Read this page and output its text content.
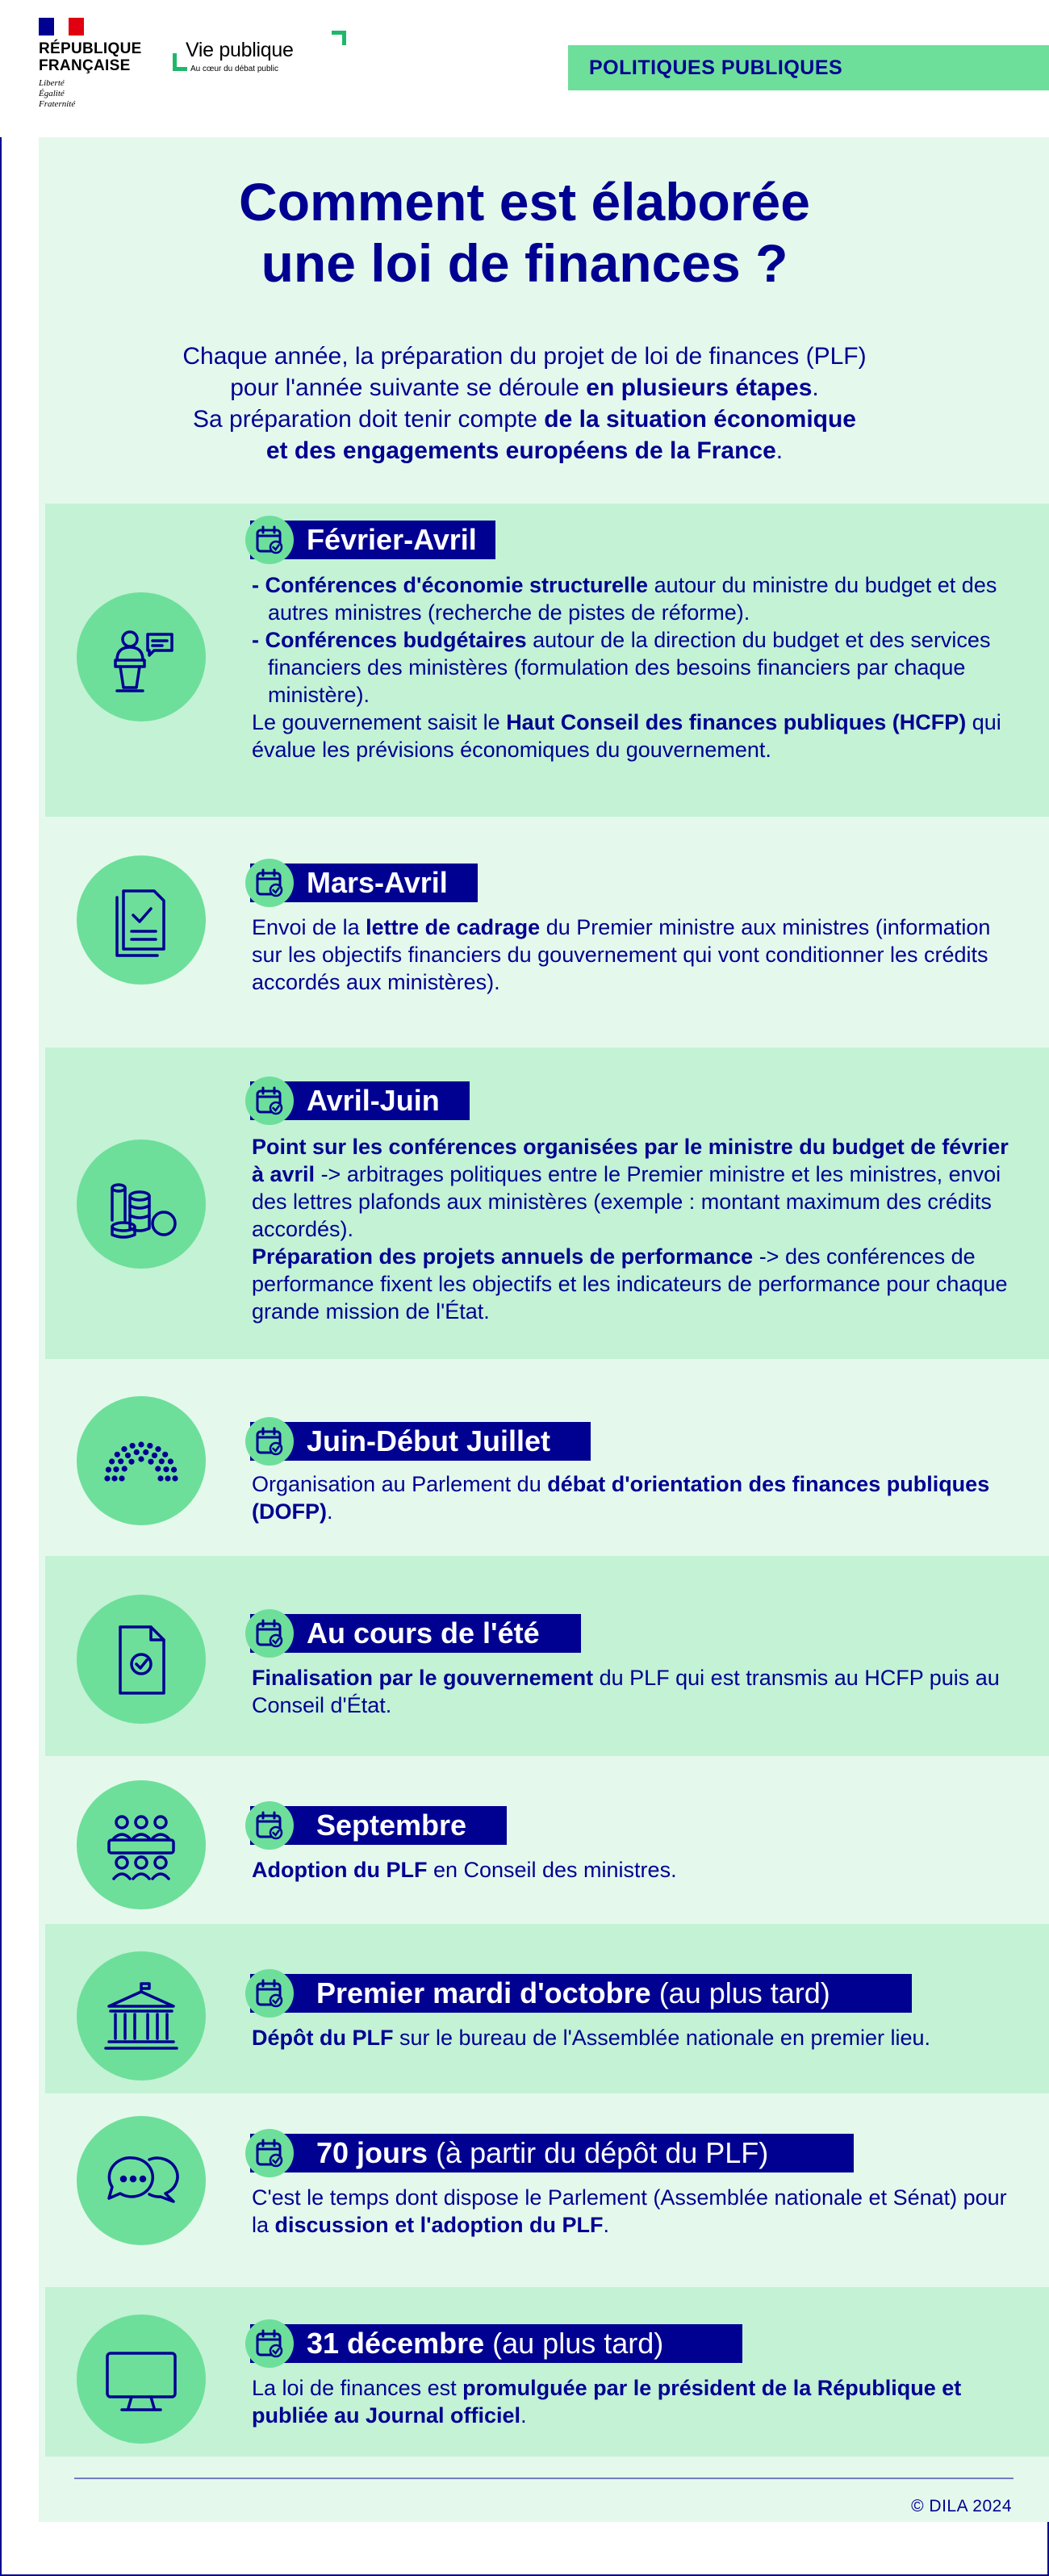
RÉPUBLIQUE
FRANÇAISE
Liberté
Égalité
Fraternité
Vie publique
Au cœur du débat public	POLITIQUES PUBLIQUES
Comment est élaborée
une loi de finances ?
Chaque année, la préparation du projet de loi de finances (PLF)
pour l'année suivante se déroule en plusieurs étapes.
Sa préparation doit tenir compte de la situation économique
et des engagements européens de la France.
Février-Avril

- Conférences d'économie structurelle autour du ministre du budget et des autres ministres (recherche de pistes de réforme).

- Conférences budgétaires autour de la direction du budget et des services financiers des ministères (formulation des besoins financiers par chaque ministère).

Le gouvernement saisit le Haut Conseil des finances publiques (HCFP) qui évalue les prévisions économiques du gouvernement.

Mars-Avril

Envoi de la lettre de cadrage du Premier ministre aux ministres (information sur les objectifs financiers du gouvernement qui vont conditionner les crédits accordés aux ministères).

Avril-Juin

Point sur les conférences organisées par le ministre du budget de février à avril -> arbitrages politiques entre le Premier ministre et les ministres, envoi des lettres plafonds aux ministères (exemple : montant maximum des crédits accordés).

Préparation des projets annuels de performance -> des conférences de performance fixent les objectifs et les indicateurs de performance pour chaque grande mission de l'État.

Juin-Début Juillet

Organisation au Parlement du débat d'orientation des finances publiques (DOFP).

Au cours de l'été

Finalisation par le gouvernement du PLF qui est transmis au HCFP puis au Conseil d'État.

Septembre

Adoption du PLF en Conseil des ministres.

Premier mardi d'octobre (au plus tard)

Dépôt du PLF sur le bureau de l'Assemblée nationale en premier lieu.

70 jours (à partir du dépôt du PLF)

C'est le temps dont dispose le Parlement (Assemblée nationale et Sénat) pour la discussion et l'adoption du PLF.

31 décembre (au plus tard)

La loi de finances est promulguée par le président de la République et publiée au Journal officiel.

© DILA 2024
